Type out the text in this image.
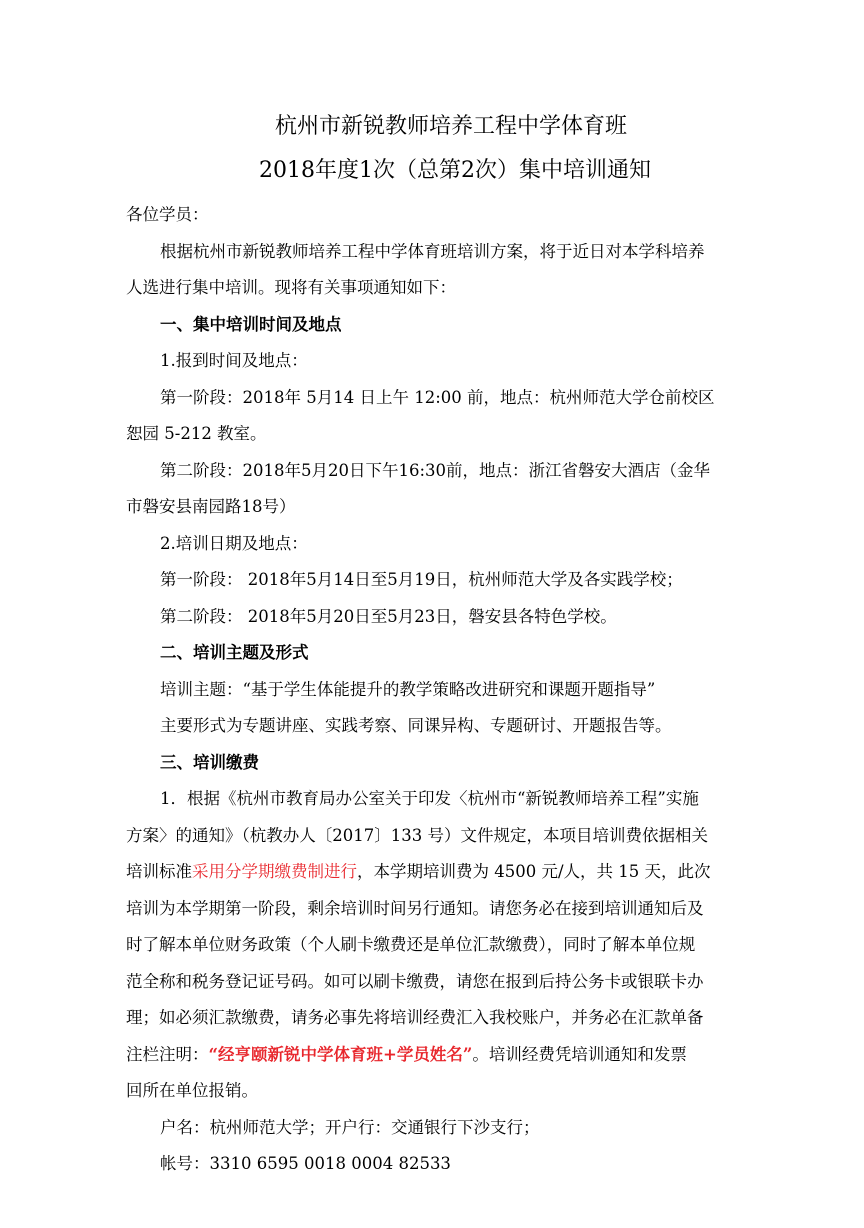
杭州市新锐教师培养工程中学体育班
2018年度1次（总第2次）集中培训通知

各位学员：

根据杭州市新锐教师培养工程中学体育班培训方案，将于近日对本学科培养

人选进行集中培训。现将有关事项通知如下：

一、集中培训时间及地点

1.报到时间及地点：

第一阶段：2018年 5月14 日上午 12:00 前，地点：杭州师范大学仓前校区

恕园 5-212 教室。

第二阶段：2018年5月20日下午16:30前，地点：浙江省磐安大酒店（金华

市磐安县南园路18号）

2.培训日期及地点：

第一阶段： 2018年5月14日至5月19日，杭州师范大学及各实践学校；

第二阶段： 2018年5月20日至5月23日，磐安县各特色学校。

二、培训主题及形式

培训主题：“基于学生体能提升的教学策略改进研究和课题开题指导”

主要形式为专题讲座、实践考察、同课异构、专题研讨、开题报告等。

三、培训缴费

1．根据《杭州市教育局办公室关于印发〈杭州市“新锐教师培养工程”实施

方案〉的通知》（杭教办人〔2017〕133 号）文件规定，本项目培训费依据相关

培训标准采用分学期缴费制进行，本学期培训费为 4500 元/人，共 15 天，此次

培训为本学期第一阶段，剩余培训时间另行通知。请您务必在接到培训通知后及

时了解本单位财务政策（个人刷卡缴费还是单位汇款缴费），同时了解本单位规

范全称和税务登记证号码。如可以刷卡缴费，请您在报到后持公务卡或银联卡办

理；如必须汇款缴费，请务必事先将培训经费汇入我校账户，并务必在汇款单备

注栏注明：“经亨颐新锐中学体育班+学员姓名”。培训经费凭培训通知和发票

回所在单位报销。

户名：杭州师范大学；开户行：交通银行下沙支行；

帐号：3310 6595 0018 0004 82533
